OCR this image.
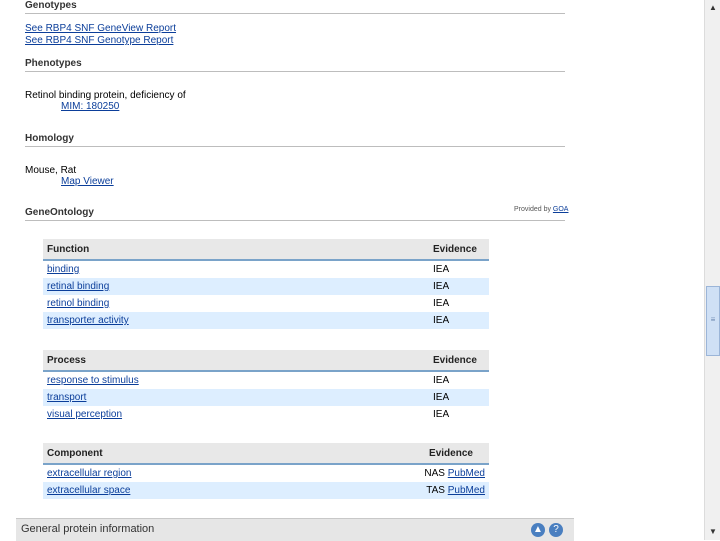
Genotypes
See RBP4 SNF GeneView Report
See RBP4 SNF Genotype Report
Phenotypes
Retinol binding protein, deficiency of
MIM: 180250
Homology
Mouse, Rat
Map Viewer
GeneOntology	Provided by GOA
Function	Evidence
binding	IEA
retinal binding	IEA
retinol binding	IEA
transporter activity	IEA
Process	Evidence
response to stimulus	IEA
transport	IEA
visual perception	IEA
Component	Evidence
extracellular region	NAS PubMed
extracellular space	TAS PubMed
General protein information	▲	?
▲
≡
▼
